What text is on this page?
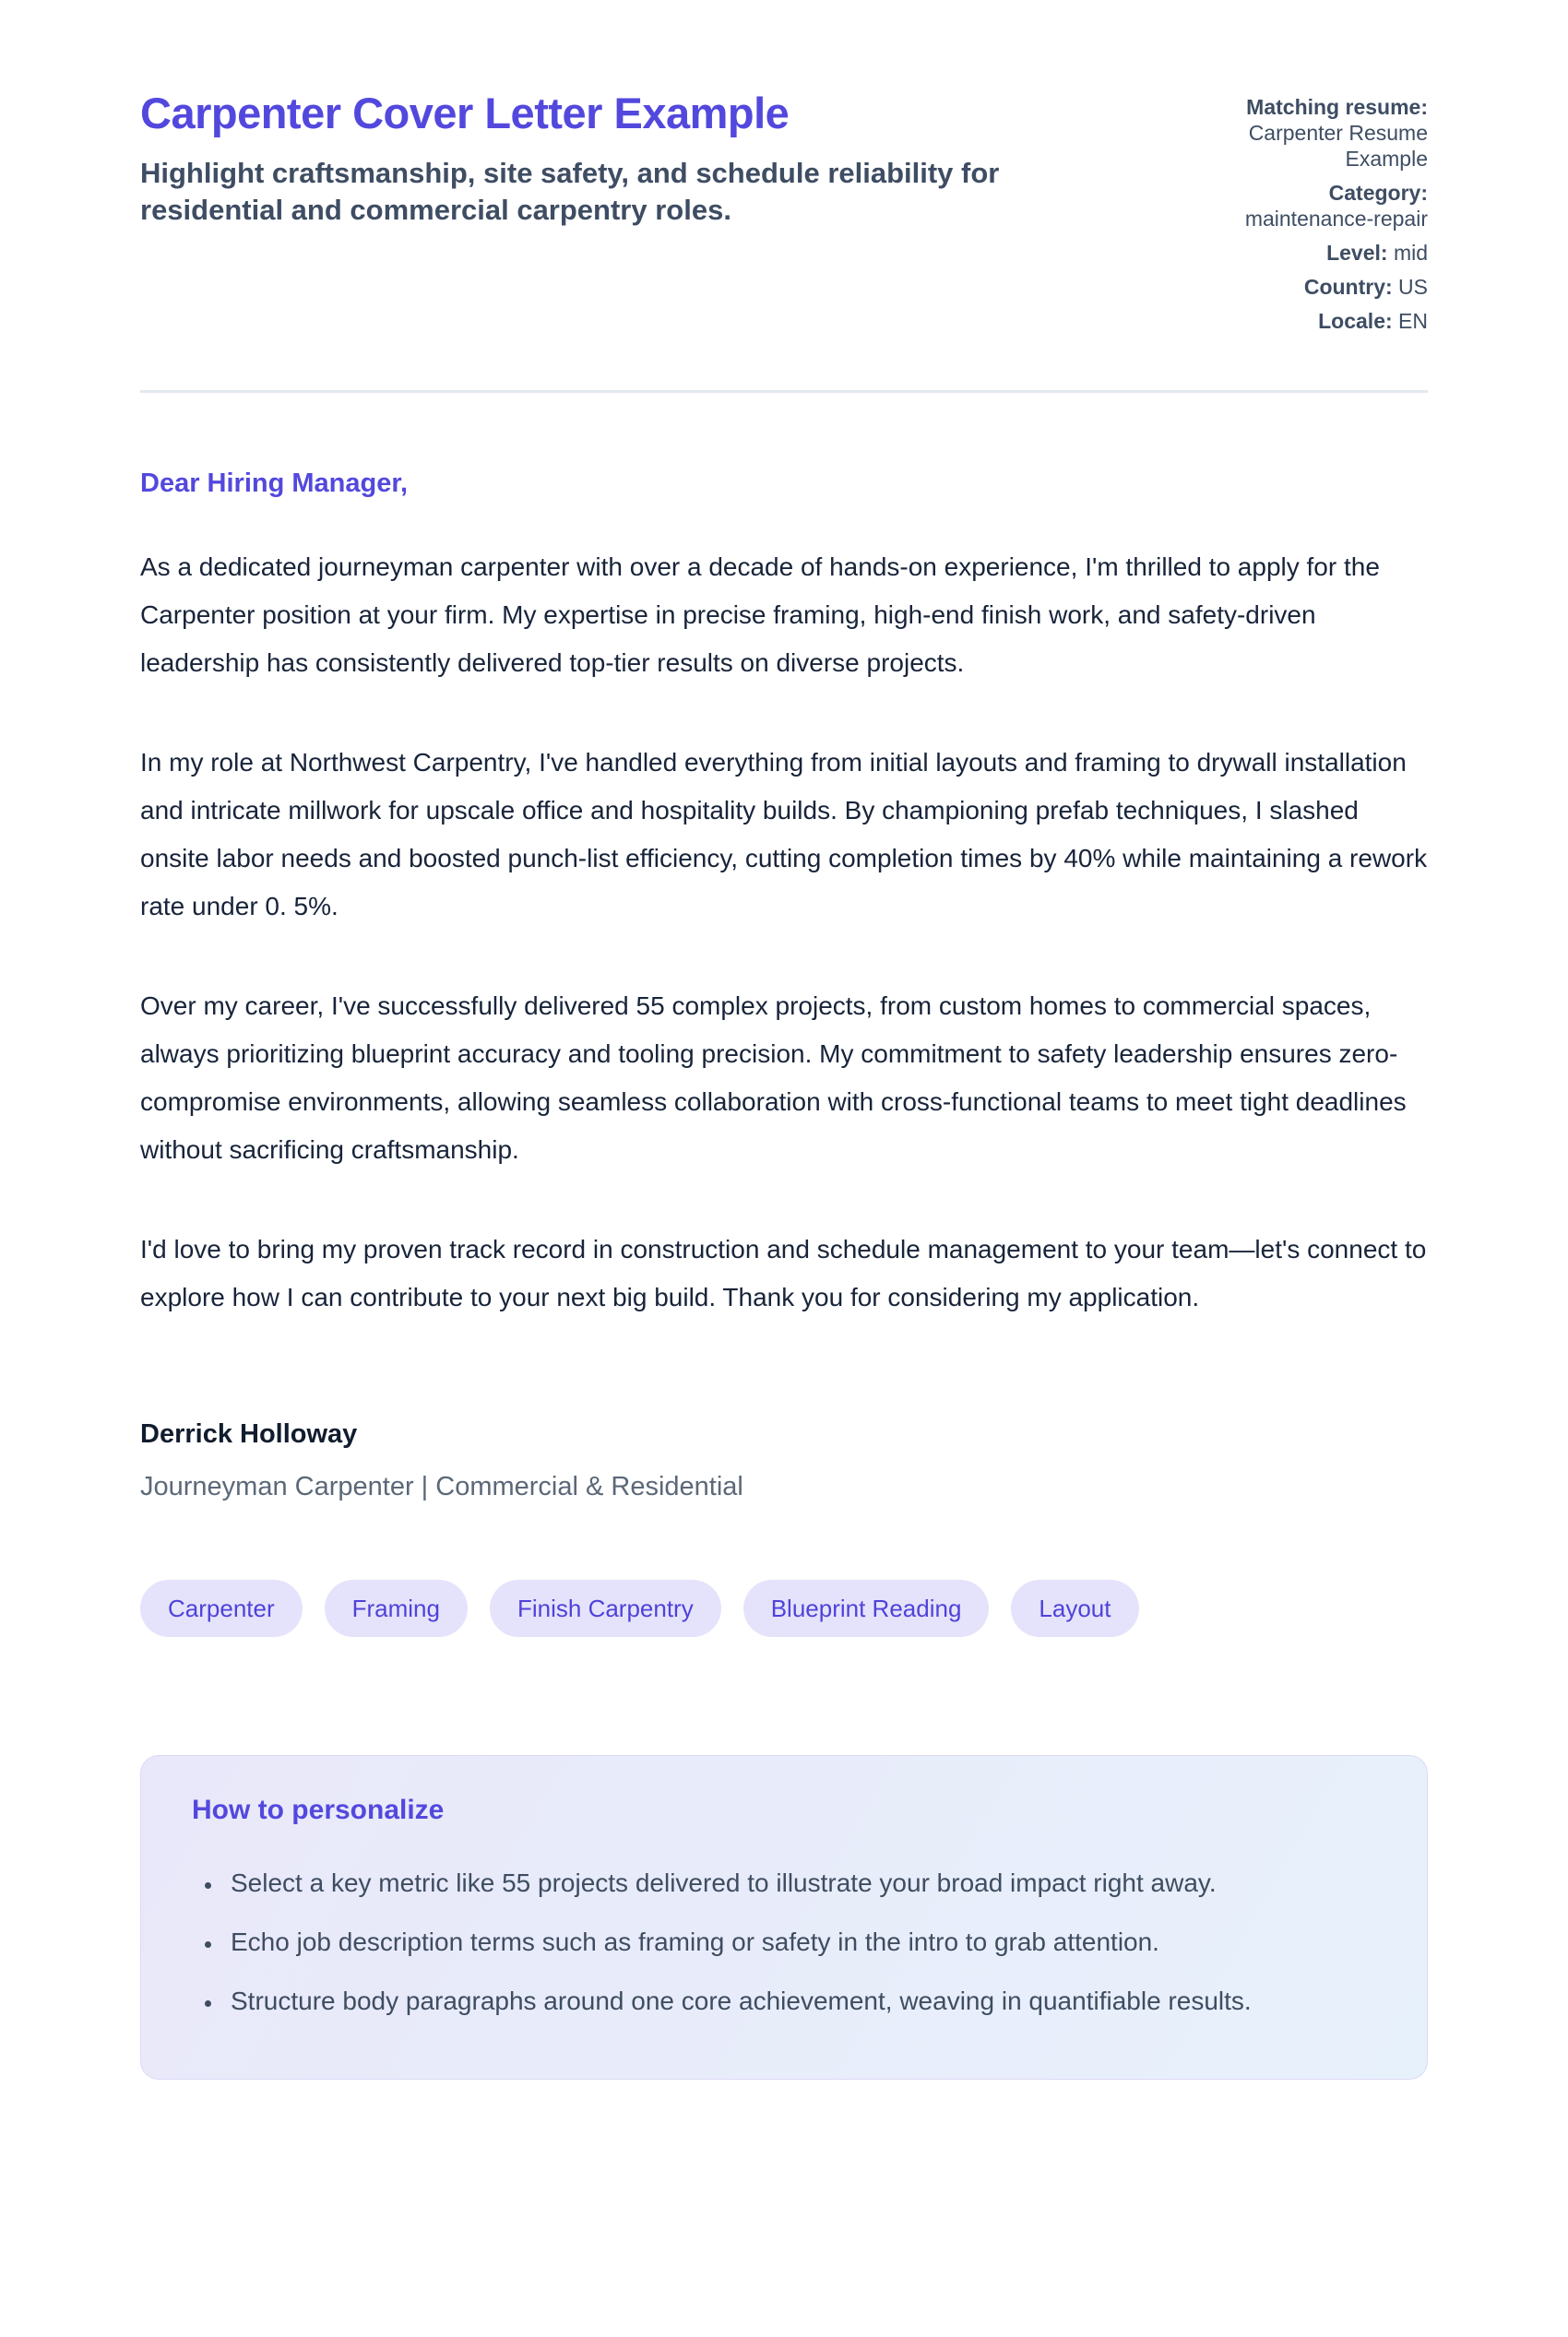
Carpenter Cover Letter Example

Highlight craftsmanship, site safety, and schedule reliability for residential and commercial carpentry roles.

Matching resume:
Carpenter Resume Example
Category:
maintenance-repair
Level: mid
Country: US
Locale: EN
Dear Hiring Manager,

As a dedicated journeyman carpenter with over a decade of hands-on experience, I'm thrilled to apply for the Carpenter position at your firm. My expertise in precise framing, high-end finish work, and safety-driven leadership has consistently delivered top-tier results on diverse projects.

In my role at Northwest Carpentry, I've handled everything from initial layouts and framing to drywall installation and intricate millwork for upscale office and hospitality builds. By championing prefab techniques, I slashed onsite labor needs and boosted punch-list efficiency, cutting completion times by 40% while maintaining a rework rate under 0. 5%.

Over my career, I've successfully delivered 55 complex projects, from custom homes to commercial spaces, always prioritizing blueprint accuracy and tooling precision. My commitment to safety leadership ensures zero-compromise environments, allowing seamless collaboration with cross-functional teams to meet tight deadlines without sacrificing craftsmanship.

I'd love to bring my proven track record in construction and schedule management to your team—let's connect to explore how I can contribute to your next big build. Thank you for considering my application.

Derrick Holloway
Journeyman Carpenter | Commercial & Residential
Carpenter	Framing	Finish Carpentry	Blueprint Reading	Layout
How to personalize
• Select a key metric like 55 projects delivered to illustrate your broad impact right away.
• Echo job description terms such as framing or safety in the intro to grab attention.
• Structure body paragraphs around one core achievement, weaving in quantifiable results.
